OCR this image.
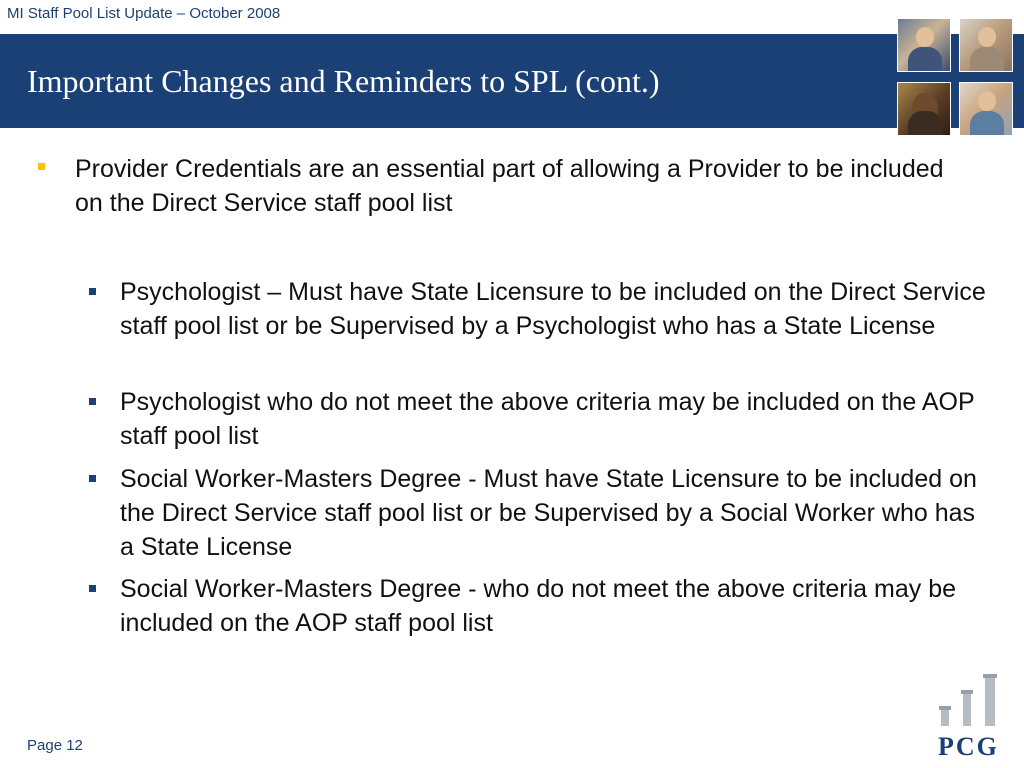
MI Staff Pool List Update – October 2008
Important Changes and Reminders to SPL (cont.)
Provider Credentials are an essential part of allowing a Provider to be included on the Direct Service staff pool list
Psychologist – Must have State Licensure to be included on the Direct Service staff pool list or be Supervised by a Psychologist who has a State License
Psychologist who do not meet the above criteria may be included on the AOP staff pool list
Social Worker-Masters Degree - Must have State Licensure to be included on the Direct Service staff pool list or be Supervised by a Social Worker who has a State License
Social Worker-Masters Degree - who do not meet the above criteria may be included on the AOP staff pool list
Page 12	PCG
